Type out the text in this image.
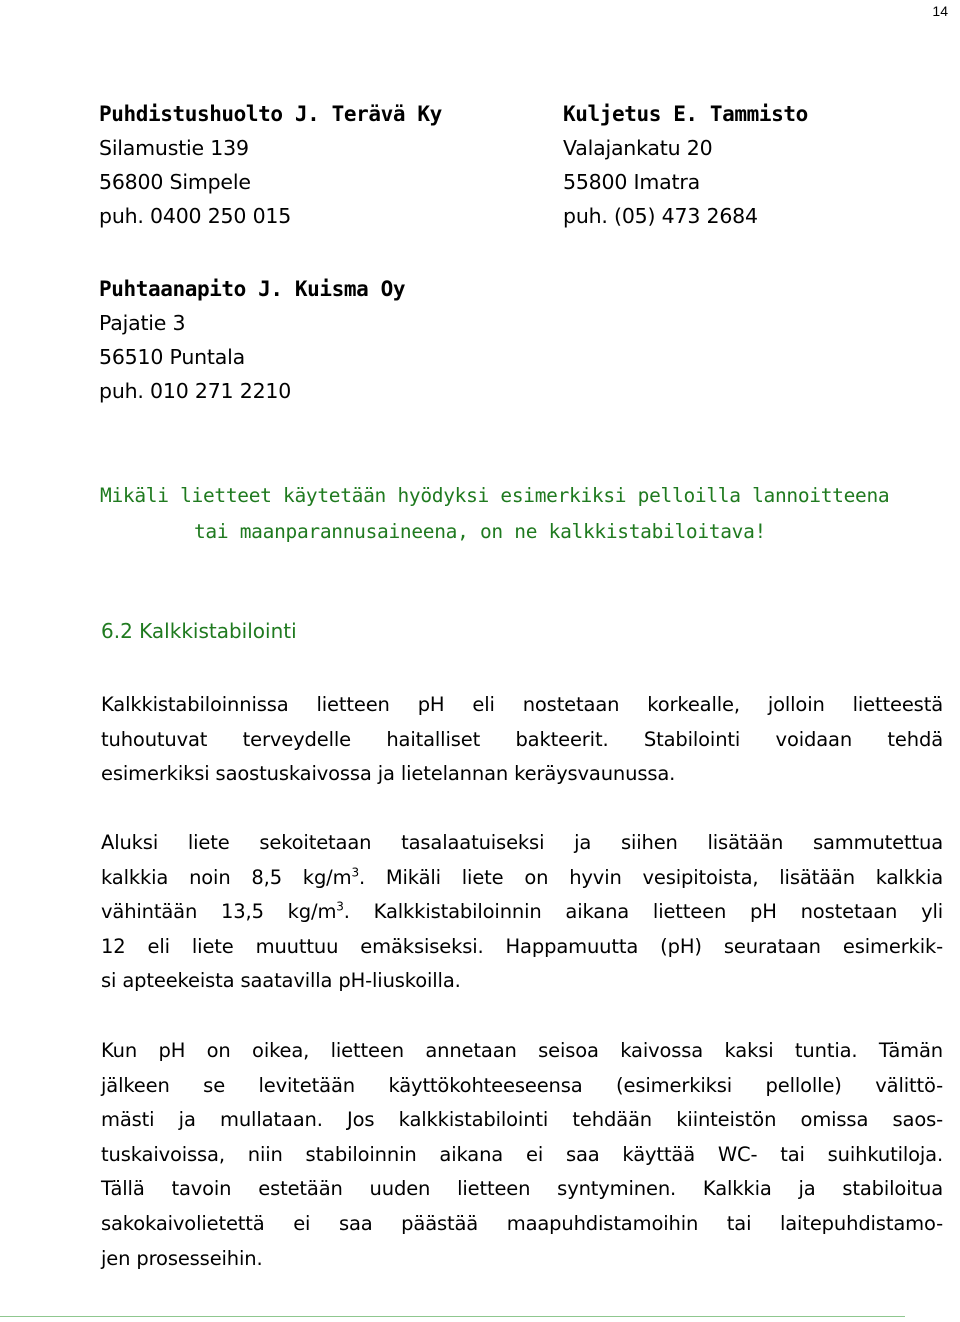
14
Puhdistushuolto J. Terävä Ky
Silamustie 139
56800 Simpele
puh. 0400 250 015
Kuljetus E. Tammisto
Valajankatu 20
55800 Imatra
puh. (05) 473 2684
Puhtaanapito J. Kuisma Oy
Pajatie 3
56510 Puntala
puh. 010 271 2210
Mikäli lietteet käytetään hyödyksi esimerkiksi pelloilla lannoitteena
tai maanparannusaineena, on ne kalkkistabiloitava!
6.2 Kalkkistabilointi
Kalkkistabiloinnissa lietteen pH eli nostetaan korkealle, jolloin lietteestä
tuhoutuvat terveydelle haitalliset bakteerit. Stabilointi voidaan tehdä
esimerkiksi saostuskaivossa ja lietelannan keräysvaunussa.
Aluksi liete sekoitetaan tasalaatuiseksi ja siihen lisätään sammutettua
kalkkia noin 8,5 $kg/m^3$. Mikäli liete on hyvin vesipitoista, lisätään kalkkia
vähintään 13,5 $kg/m^3$. Kalkkistabiloinnin aikana lietteen pH nostetaan yli
12 eli liete muuttuu emäksiseksi. Happamuutta (pH) seurataan esimerkik-
si apteekeista saatavilla pH-liuskoilla.
Kun pH on oikea, lietteen annetaan seisoa kaivossa kaksi tuntia. Tämän
jälkeen se levitetään käyttökohteeseensa (esimerkiksi pellolle) välittö-
mästi ja mullataan. Jos kalkkistabilointi tehdään kiinteistön omissa saos-
tuskaivoissa, niin stabiloinnin aikana ei saa käyttää WC- tai suihkutiloja.
Tällä tavoin estetään uuden lietteen syntyminen. Kalkkia ja stabiloitua
sakokaivolietettä ei saa päästää maapuhdistamoihin tai laitepuhdistamo-
jen prosesseihin.
